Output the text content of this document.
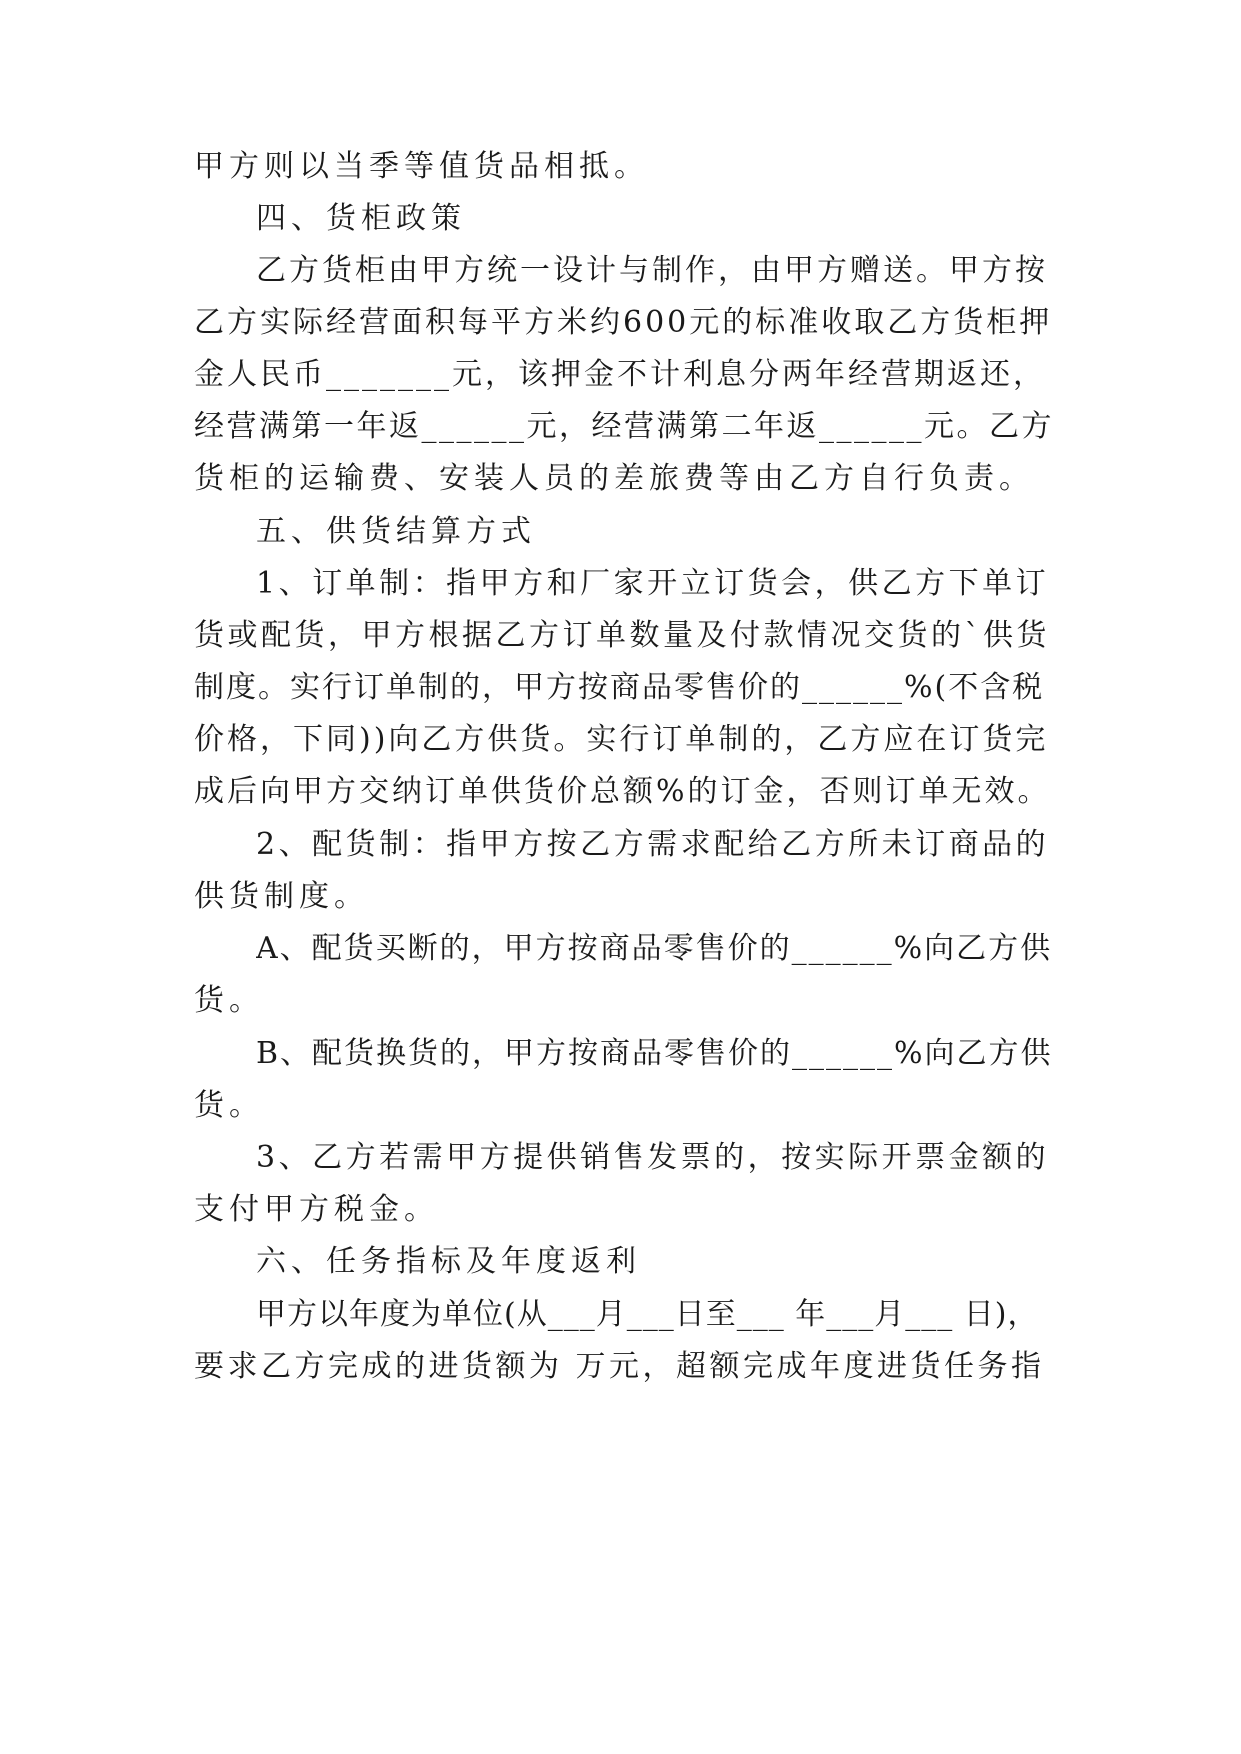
甲方则以当季等值货品相抵。
四、货柜政策
乙方货柜由甲方统一设计与制作，由甲方赠送。甲方按
乙方实际经营面积每平方米约600元的标准收取乙方货柜押
金人民币_______元，该押金不计利息分两年经营期返还，
经营满第一年返______元，经营满第二年返______元。乙方
货柜的运输费、安装人员的差旅费等由乙方自行负责。
五、供货结算方式
1、订单制：指甲方和厂家开立订货会，供乙方下单订
货或配货，甲方根据乙方订单数量及付款情况交货的`供货
制度。实行订单制的，甲方按商品零售价的______%(不含税
价格，下同))向乙方供货。实行订单制的，乙方应在订货完
成后向甲方交纳订单供货价总额%的订金，否则订单无效。
2、配货制：指甲方按乙方需求配给乙方所未订商品的
供货制度。
A、配货买断的，甲方按商品零售价的______%向乙方供
货。
B、配货换货的，甲方按商品零售价的______%向乙方供
货。
3、乙方若需甲方提供销售发票的，按实际开票金额的
支付甲方税金。
六、任务指标及年度返利
甲方以年度为单位(从___月___日至___ 年___月___ 日)，
要求乙方完成的进货额为 万元，超额完成年度进货任务指
